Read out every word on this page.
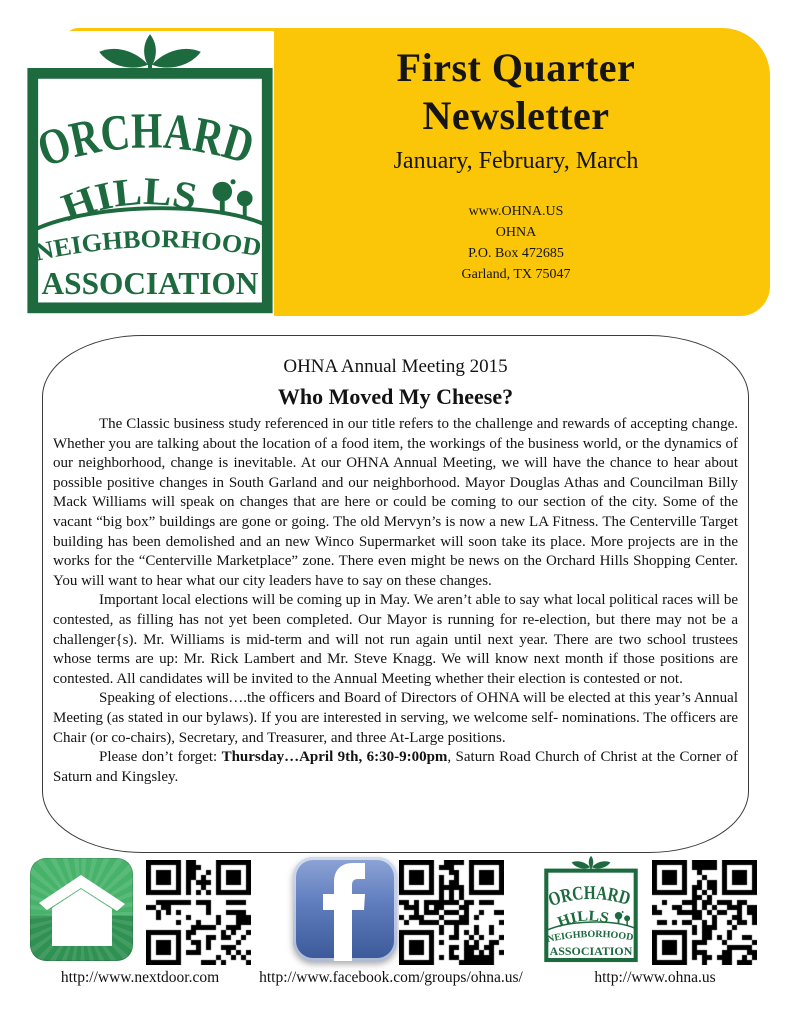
First Quarter
Newsletter
January, February, March
www.OHNA.US
OHNA
P.O. Box 472685
Garland, TX 75047
OHNA Annual Meeting 2015
Who Moved My Cheese?

The Classic business study referenced in our title refers to the challenge and rewards of accepting change. Whether you are talking about the location of a food item, the workings of the business world, or the dynamics of our neighborhood, change is inevitable. At our OHNA Annual Meeting, we will have the chance to hear about possible positive changes in South Garland and our neighborhood. Mayor Douglas Athas and Councilman Billy Mack Williams will speak on changes that are here or could be coming to our section of the city. Some of the vacant “big box” buildings are gone or going. The old Mervyn’s is now a new LA Fitness. The Centerville Target building has been demolished and an new Winco Supermarket will soon take its place. More projects are in the works for the “Centerville Marketplace” zone. There even might be news on the Orchard Hills Shopping Center. You will want to hear what our city leaders have to say on these changes.

Important local elections will be coming up in May. We aren’t able to say what local political races will be contested, as filling has not yet been completed. Our Mayor is running for re-election, but there may not be a challenger{s). Mr. Williams is mid-term and will not run again until next year. There are two school trustees whose terms are up: Mr. Rick Lambert and Mr. Steve Knagg. We will know next month if those positions are contested. All candidates will be invited to the Annual Meeting whether their election is contested or not.

Speaking of elections….the officers and Board of Directors of OHNA will be elected at this year’s Annual Meeting (as stated in our bylaws). If you are interested in serving, we welcome self- nominations. The officers are Chair (or co-chairs), Secretary, and Treasurer, and three At-Large positions.

Please don’t forget: Thursday…April 9th, 6:30-9:00pm, Saturn Road Church of Christ at the Corner of Saturn and Kingsley.

http://www.nextdoor.com	http://www.facebook.com/groups/ohna.us/	http://www.ohna.us
